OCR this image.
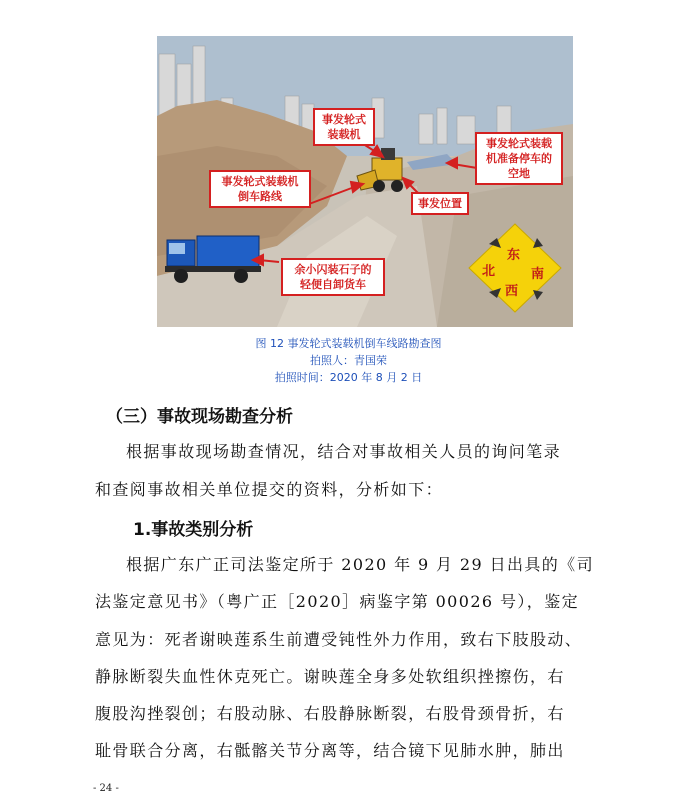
事发轮式
装载机
事发轮式装载
机准备停车的
空地
事发轮式装载机
倒车路线
事发位置
余小闪装石子的
轻便自卸货车
东
南
北
西
图 12 事发轮式装载机倒车线路勘查图
拍照人：青国荣
拍照时间：2020 年 8 月 2 日
（三）事故现场勘查分析
根据事故现场勘查情况，结合对事故相关人员的询问笔录
和查阅事故相关单位提交的资料，分析如下：
1.事故类别分析
根据广东广正司法鉴定所于 2020 年 9 月 29 日出具的《司
法鉴定意见书》（粤广正［2020］病鉴字第 00026 号），鉴定
意见为：死者谢映莲系生前遭受钝性外力作用，致右下肢股动、
静脉断裂失血性休克死亡。谢映莲全身多处软组织挫擦伤，右
腹股沟挫裂创；右股动脉、右股静脉断裂，右股骨颈骨折，右
耻骨联合分离，右骶髂关节分离等，结合镜下见肺水肿，肺出
- 24 -
